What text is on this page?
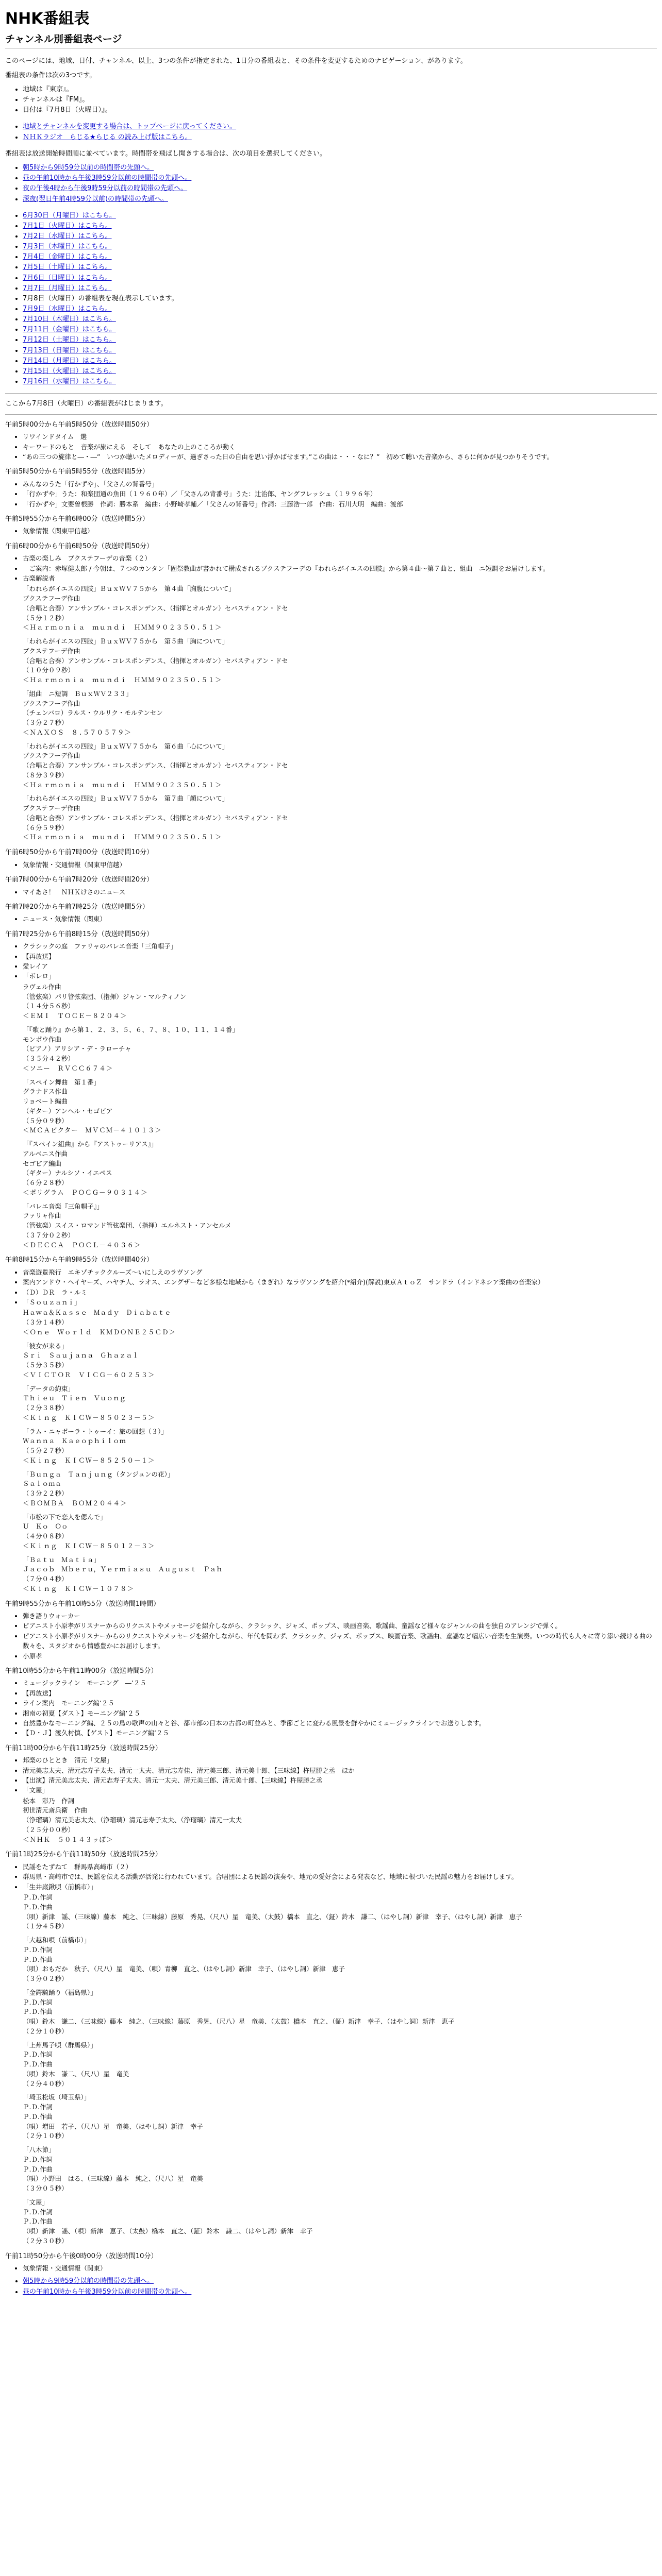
NHK番組表
チャンネル別番組表ページ

このページには、地域、日付、チャンネル、以上、3つの条件が指定された、1日分の番組表と、その条件を変更するためのナビゲーション、があります。

番組表の条件は次の3つです。

• 地域は『東京』。
• チャンネルは『FM』。
• 日付は『7月8日（火曜日）』。
• 地域とチャンネルを変更する場合は、トップページに戻ってください。
• ＮＨＫラジオ　らじる★らじる の読み上げ版はこちら。

番組表は放送開始時間順に並べています。時間帯を飛ばし聞きする場合は、次の項目を選択してください。

• 朝5時から9時59分以前の時間帯の先頭へ。
• 昼の午前10時から午後3時59分以前の時間帯の先頭へ。
• 夜の午後4時から午後9時59分以前の時間帯の先頭へ。
• 深夜(翌日午前4時59分以前)の時間帯の先頭へ。
• 6月30日（月曜日）はこちら。
• 7月1日（火曜日）はこちら。
• 7月2日（水曜日）はこちら。
• 7月3日（木曜日）はこちら。
• 7月4日（金曜日）はこちら。
• 7月5日（土曜日）はこちら。
• 7月6日（日曜日）はこちら。
• 7月7日（月曜日）はこちら。
• 7月8日（火曜日）の番組表を現在表示しています。
• 7月9日（水曜日）はこちら。
• 7月10日（木曜日）はこちら。
• 7月11日（金曜日）はこちら。
• 7月12日（土曜日）はこちら。
• 7月13日（日曜日）はこちら。
• 7月14日（月曜日）はこちら。
• 7月15日（火曜日）はこちら。
• 7月16日（水曜日）はこちら。

ここから7月8日（火曜日）の番組表がはじまります。

午前5時00分から午前5時50分（放送時間50分）

• リワインドタイム　選
• キーワードのもと　音楽が旅にえる　そして　あなたの上のこころが動く
• “あの三つの旋律と―・―”　いつか聴いたメロディーが、過ぎさった日の自由を思い浮かばせます。”この曲は・・・なに？”　初めて聴いた音楽から、さらに何かが見つかりそうです。

午前5時50分から午前5時55分（放送時間5分）

• みんなのうた「行かずや」、「父さんの背番号」
• 「行かずや」うた：和楽団通の魚田（１９６０年）／「父さんの背番号」うた：辻治郎、ヤングフレッシュ（１９９６年）
• 「行かずや」文要曽根勝　作詞：勝本系　編曲：小野崎孝輔／「父さんの背番号」作詞：三藤浩一郎　作曲：石川大明　編曲：渡部

午前5時55分から午前6時00分（放送時間5分）

• 気象情報（関東甲信越）

午前6時00分から午前6時50分（放送時間50分）

• 古楽の楽しみ　ブクステフーデの音楽（２）
• 　ご案内：赤塚健太郎 / 今朝は、７つのカンタン「固祭教曲が書かれて構成されるブクステフーデの『われらがイエスの四肢』から第４曲～第７曲と、組曲　ニ短調をお届けします。
• 古楽解説者
「われらがイエスの四肢」ＢｕｘＷＶ７５から　第４曲「胸腹について」
ブクステフーデ作曲
（合唱と合奏）アンサンブル・コレスポンデンス、（指揮とオルガン）セバスティアン・ドセ
（５分１２秒）
＜Ｈａｒｍｏｎｉａ　ｍｕｎｄｉ　ＨＭＭ９０２３５０.５１＞
「われらがイエスの四肢」ＢｕｘＷＶ７５から　第５曲「胸について」
ブクステフーデ作曲
（合唱と合奏）アンサンブル・コレスポンデンス、（指揮とオルガン）セバスティアン・ドセ
（１０分０９秒）
＜Ｈａｒｍｏｎｉａ　ｍｕｎｄｉ　ＨＭＭ９０２３５０.５１＞
「組曲　ニ短調　ＢｕｘＷＶ２３３」
ブクステフーデ作曲
（チェンバロ）ラルス・ウルリク・モルテンセン
（３分２７秒）
＜ＮＡＸＯＳ　８.５７０５７９＞
「われらがイエスの四肢」ＢｕｘＷＶ７５から　第６曲「心について」
ブクステフーデ作曲
（合唱と合奏）アンサンブル・コレスポンデンス、（指揮とオルガン）セバスティアン・ドセ
（８分３９秒）
＜Ｈａｒｍｏｎｉａ　ｍｕｎｄｉ　ＨＭＭ９０２３５０.５１＞
「われらがイエスの四肢」ＢｕｘＷＶ７５から　第７曲「顔について」
ブクステフーデ作曲
（合唱と合奏）アンサンブル・コレスポンデンス、（指揮とオルガン）セバスティアン・ドセ
（６分５９秒）
＜Ｈａｒｍｏｎｉａ　ｍｕｎｄｉ　ＨＭＭ９０２３５０.５１＞

午前6時50分から午前7時00分（放送時間10分）

• 気象情報・交通情報（関東甲信越）

午前7時00分から午前7時20分（放送時間20分）

• マイあさ！　ＮＨＫけさのニュース

午前7時20分から午前7時25分（放送時間5分）

• ニュース・気象情報（関東）

午前7時25分から午前8時15分（放送時間50分）

• クラシックの庭　ファリャのバレエ音楽「三角帽子」
• 【再放送】
• 愛レイア
• 「ボレロ」
ラヴェル作曲
（管弦楽）パリ管弦楽団、（指揮）ジャン・マルティノン
（１４分５６秒）
＜ＥＭＩ　ＴＯＣＥ－８２０４＞
「『歌と踊り』から第１、２、３、５、６、７、８、１０、１１、１４番」
モンポウ作曲
（ピアノ）アリシア・デ・ラローチャ
（３５分４２秒）
＜ソニー　ＲＶＣＣ６７４＞
「スペイン舞曲　第１番」
グラナドス作曲
リョベート編曲
（ギター）アンヘル・セゴビア
（５分０９秒）
＜ＭＣＡビクター　ＭＶＣＭ－４１０１３＞
「『スペイン組曲』から『アストゥーリアス』」
アルベニス作曲
セゴビア編曲
（ギター）ナルシソ・イエペス
（６分２８秒）
＜ポリグラム　ＰＯＣＧ－９０３１４＞
「バレエ音楽『三角帽子』」
ファリャ作曲
（管弦楽）スイス・ロマンド管弦楽団、（指揮）エルネスト・アンセルメ
（３７分０２秒）
＜ＤＥＣＣＡ　ＰＯＣＬ－４０３６＞

午前8時15分から午前9時55分（放送時間40分）

• 音楽遊覧飛行　エキゾチッククルーズ～いにしえのラヴソング
• 案内アンドウ・ヘイヤーズ、ハヤチ人、ラオス、エングザーなど多様な地域から（まぎれ）なラヴソングを紹介(*紹介)(解説)東京ＡｔｏＺ　サンドラ（インドネシア楽曲の音楽家）
• （Ｄ）ＤＲ　ラ・ルミ
• 「Ｓｏｕｚａｎｉ」
Ｈａｗａ＆Ｋａｓｓｅ　Ｍａｄｙ　Ｄｉａｂａｔｅ
（３分１４秒）
＜Ｏｎｅ　Ｗｏｒｌｄ　ＫＭＤＯＮＥ２５ＣＤ＞
「彼女が来る」
Ｓｒｉ　Ｓａｕｊａｎａ　Ｇｈａｚａｌ
（５分３５秒）
＜ＶＩＣＴＯＲ　ＶＩＣＧ－６０２５３＞
「データの約束」
Ｔｈｉｅｕ　Ｔｉｅｎ　Ｖｕｏｎｇ
（２分３８秒）
＜Ｋｉｎｇ　ＫＩＣＷ－８５０２３－５＞
「ラム・ニャボーラ・トゥーイ：旅の回想（３）」
Ｗａｎｎａ　Ｋａｅｏｐｈｉｌｏｍ
（５分２７秒）
＜Ｋｉｎｇ　ＫＩＣＷ－８５２５０－１＞
「Ｂｕｎｇａ　Ｔａｎｊｕｎｇ（タンジュンの花）」
Ｓａｌｏｍａ
（３分２２秒）
＜ＢＯＭＢＡ　ＢＯＭ２０４４＞
「市松の下で恋人を偲んで」
Ｕ　Ｋｏ　Ｏｏ
（４分０８秒）
＜Ｋｉｎｇ　ＫＩＣＷ－８５０１２－３＞
「Ｂａｔｕ　Ｍａｔｉａ」
Ｊａｃｏｂ　Ｍｂｅｒｕ，Ｙｅｒｍｉａｓｕ　Ａｕｇｕｓｔ　Ｐａｈ
（７分０４秒）
＜Ｋｉｎｇ　ＫＩＣＷ－１０７８＞

午前9時55分から午前10時55分（放送時間1時間）

• 弾き語りウォーカー
• ピアニスト小原孝がリスナーからのリクエストやメッセージを紹介しながら、クラシック、ジャズ、ポップス、映画音楽、歌謡曲、童謡など様々なジャンルの曲を独自のアレンジで弾く。
• ピアニスト小原孝がリスナーからのリクエストやメッセージを紹介しながら、年代を問わず、クラシック、ジャズ、ポップス、映画音楽、歌謡曲、童謡など幅広い音楽を生演奏。いつの時代も人々に寄り添い続ける曲の数々を、スタジオから情感豊かにお届けします。
• 小原孝

午前10時55分から午前11時00分（放送時間5分）

• ミュージックライン　モーニング　―’２５
• 【再放送】
• ライン案内　モーニング編’２５
• 湘南の初夏【ダスト】モーニング編’２５
• 自然豊かなモーニング編、２５の鳥の歌声の山々と谷、都市部の日本の古都の町並みと、季節ごとに変わる風景を鮮やかにミュージックラインでお送りします。
• 【Ｄ・Ｊ】渡久村慎、【ゲスト】モーニング編’２５

午前11時00分から午前11時25分（放送時間25分）

• 邦楽のひととき　清元「文屋」
• 清元美志太夫、清元志寿子太夫、清元一太夫、清元志寿佳、清元美三郎、清元美十郎、【三味線】杵屋勝之丞　ほか
• 【出演】清元美志太夫、清元志寿子太夫、清元一太夫、清元美三郎、清元美十郎、【三味線】杵屋勝之丞
• 「文屋」
松本　彩乃　作詞
初世清元斎兵衛　作曲
（浄瑠璃）清元美志太夫、（浄瑠璃）清元志寿子太夫、（浄瑠璃）清元一太夫
（２５分００秒）
＜ＮＨＫ　５０１４３ッぽ＞

午前11時25分から午前11時50分（放送時間25分）

• 民謡をたずねて　群馬県高崎市（２）
• 群馬県・高崎市では、民謡を伝える活動が活発に行われています。合唱団による民謡の演奏や、地元の愛好会による発表など、地域に根づいた民謡の魅力をお届けします。
• 「生井巌鍬唄（前橋市）」
Ｐ.Ｄ.作詞
Ｐ.Ｄ.作曲
（唄）新津　謡、（三味線）藤本　純之、（三味線）藤原　秀晃、（尺八）星　竜美、（太鼓）橋本　直之、（鉦）鈴木　謙二、（はやし詞）新津　幸子、（はやし詞）新津　恵子
（１分４５秒）
「大越和唄（前橋市）」
Ｐ.Ｄ.作詞
Ｐ.Ｄ.作曲
（唄）おもだか　秋子、（尺八）星　竜美、（唄）青柳　直之、（はやし詞）新津　幸子、（はやし詞）新津　恵子
（３分０２秒）
「金鍔騎踊り（福島県）」
Ｐ.Ｄ.作詞
Ｐ.Ｄ.作曲
（唄）鈴木　謙二、（三味線）藤本　純之、（三味線）藤原　秀晃、（尺八）星　竜美、（太鼓）橋本　直之、（鉦）新津　幸子、（はやし詞）新津　恵子
（２分１０秒）
「上州馬子唄（群馬県）」
Ｐ.Ｄ.作詞
Ｐ.Ｄ.作曲
（唄）鈴木　謙二、（尺八）星　竜美
（２分４０秒）
「埼玉松坂（埼玉県）」
Ｐ.Ｄ.作詞
Ｐ.Ｄ.作曲
（唄）増田　若子、（尺八）星　竜美、（はやし詞）新津　幸子
（２分１０秒）
「八木節」
Ｐ.Ｄ.作詞
Ｐ.Ｄ.作曲
（唄）小野田　はる、（三味線）藤本　純之、（尺八）星　竜美
（３分０５秒）
「文屋」
Ｐ.Ｄ.作詞
Ｐ.Ｄ.作曲
（唄）新津　謡、（唄）新津　恵子、（太鼓）橋本　直之、（鉦）鈴木　謙二、（はやし詞）新津　幸子
（２分３０秒）

午前11時50分から午後0時00分（放送時間10分）

• 気象情報・交通情報（関東）
• 朝5時から9時59分以前の時間帯の先頭へ。
• 昼の午前10時から午後3時59分以前の時間帯の先頭へ。
